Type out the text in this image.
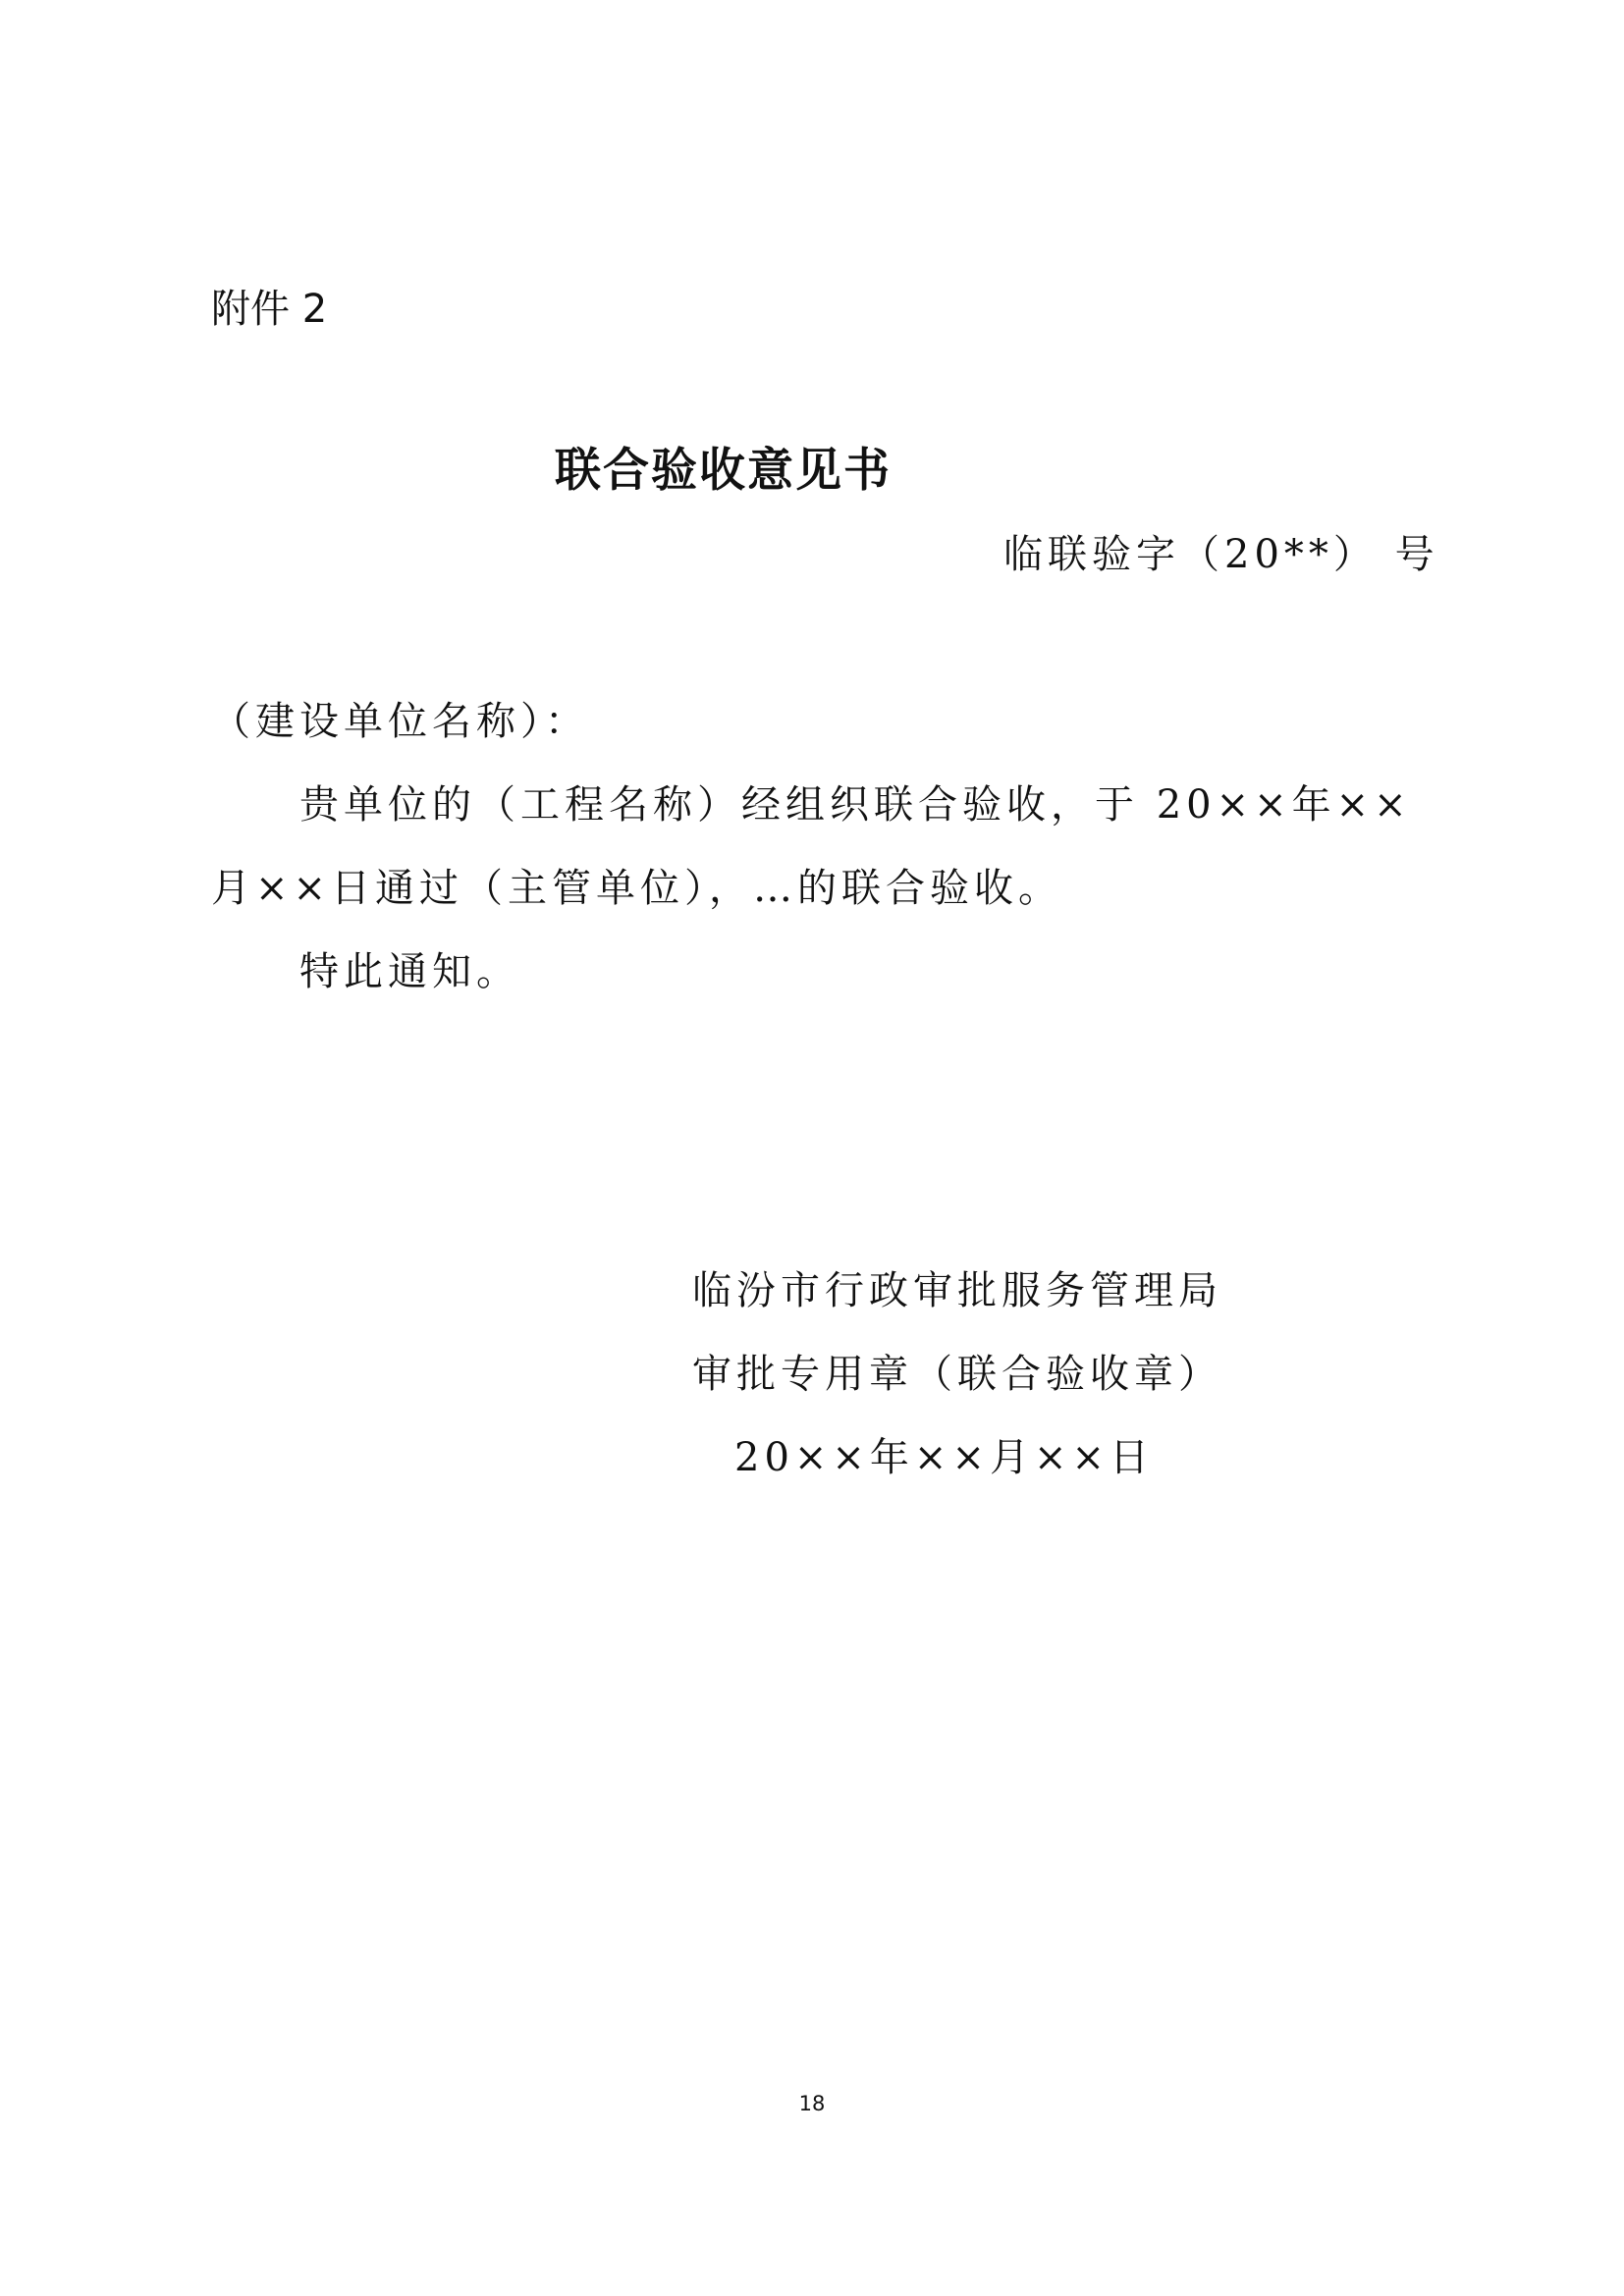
附件 2
联合验收意见书
临联验字（20**） 号
（建设单位名称）：
贵单位的（工程名称）经组织联合验收，于 20××年××
月××日通过（主管单位），…的联合验收。
特此通知。
临汾市行政审批服务管理局
审批专用章（联合验收章）
20××年××月××日
18
